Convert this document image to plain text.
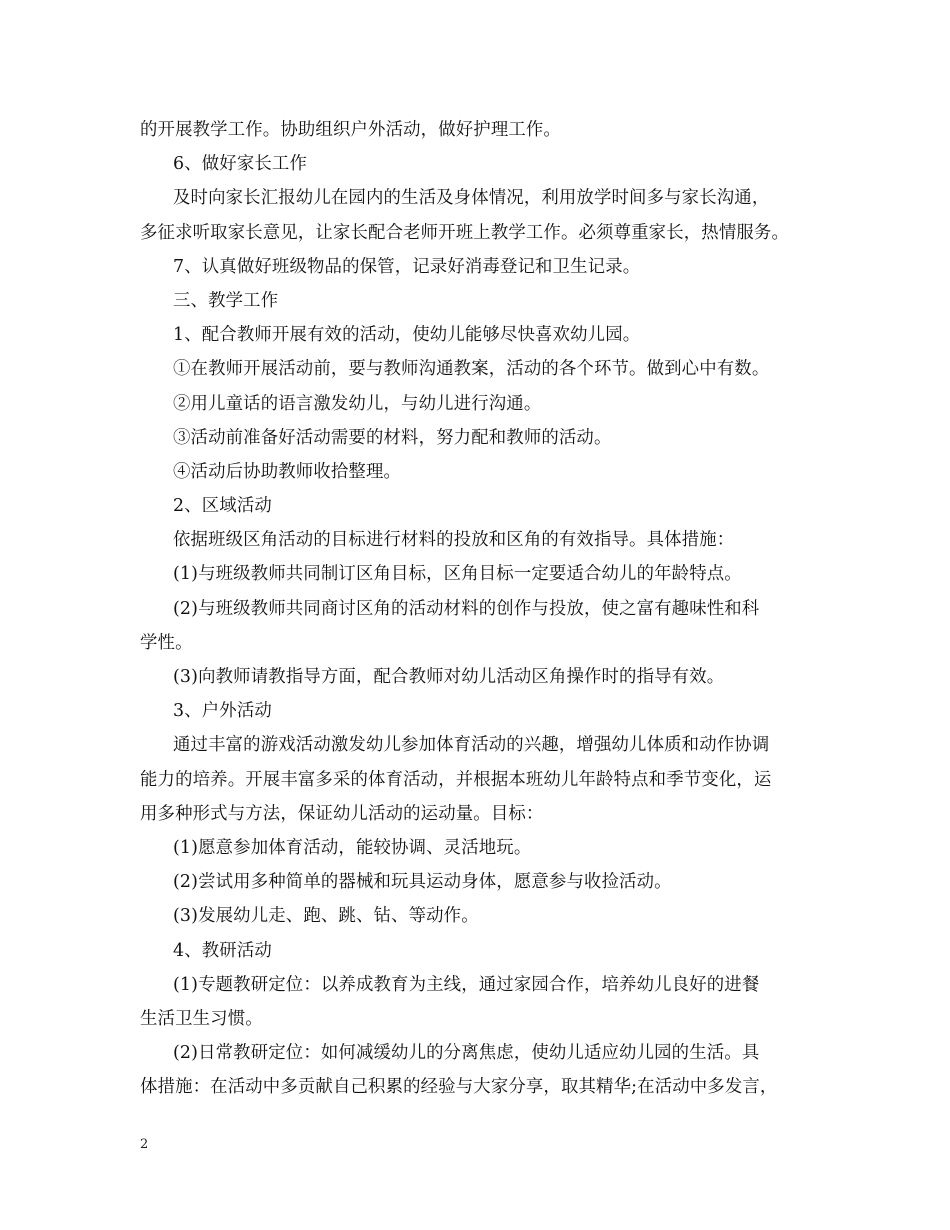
的开展教学工作。协助组织户外活动，做好护理工作。
6、做好家长工作
及时向家长汇报幼儿在园内的生活及身体情况，利用放学时间多与家长沟通，
多征求听取家长意见，让家长配合老师开班上教学工作。必须尊重家长，热情服务。
7、认真做好班级物品的保管，记录好消毒登记和卫生记录。
三、教学工作
1、配合教师开展有效的活动，使幼儿能够尽快喜欢幼儿园。
①在教师开展活动前，要与教师沟通教案，活动的各个环节。做到心中有数。
②用儿童话的语言激发幼儿，与幼儿进行沟通。
③活动前准备好活动需要的材料，努力配和教师的活动。
④活动后协助教师收拾整理。
2、区域活动
依据班级区角活动的目标进行材料的投放和区角的有效指导。具体措施：
(1)与班级教师共同制订区角目标，区角目标一定要适合幼儿的年龄特点。
(2)与班级教师共同商讨区角的活动材料的创作与投放，使之富有趣味性和科
学性。
(3)向教师请教指导方面，配合教师对幼儿活动区角操作时的指导有效。
3、户外活动
通过丰富的游戏活动激发幼儿参加体育活动的兴趣，增强幼儿体质和动作协调
能力的培养。开展丰富多采的体育活动，并根据本班幼儿年龄特点和季节变化，运
用多种形式与方法，保证幼儿活动的运动量。目标：
(1)愿意参加体育活动，能较协调、灵活地玩。
(2)尝试用多种简单的器械和玩具运动身体，愿意参与收捡活动。
(3)发展幼儿走、跑、跳、钻、等动作。
4、教研活动
(1)专题教研定位：以养成教育为主线，通过家园合作，培养幼儿良好的进餐
生活卫生习惯。
(2)日常教研定位：如何减缓幼儿的分离焦虑，使幼儿适应幼儿园的生活。具
体措施：在活动中多贡献自己积累的经验与大家分享，取其精华;在活动中多发言，
2
